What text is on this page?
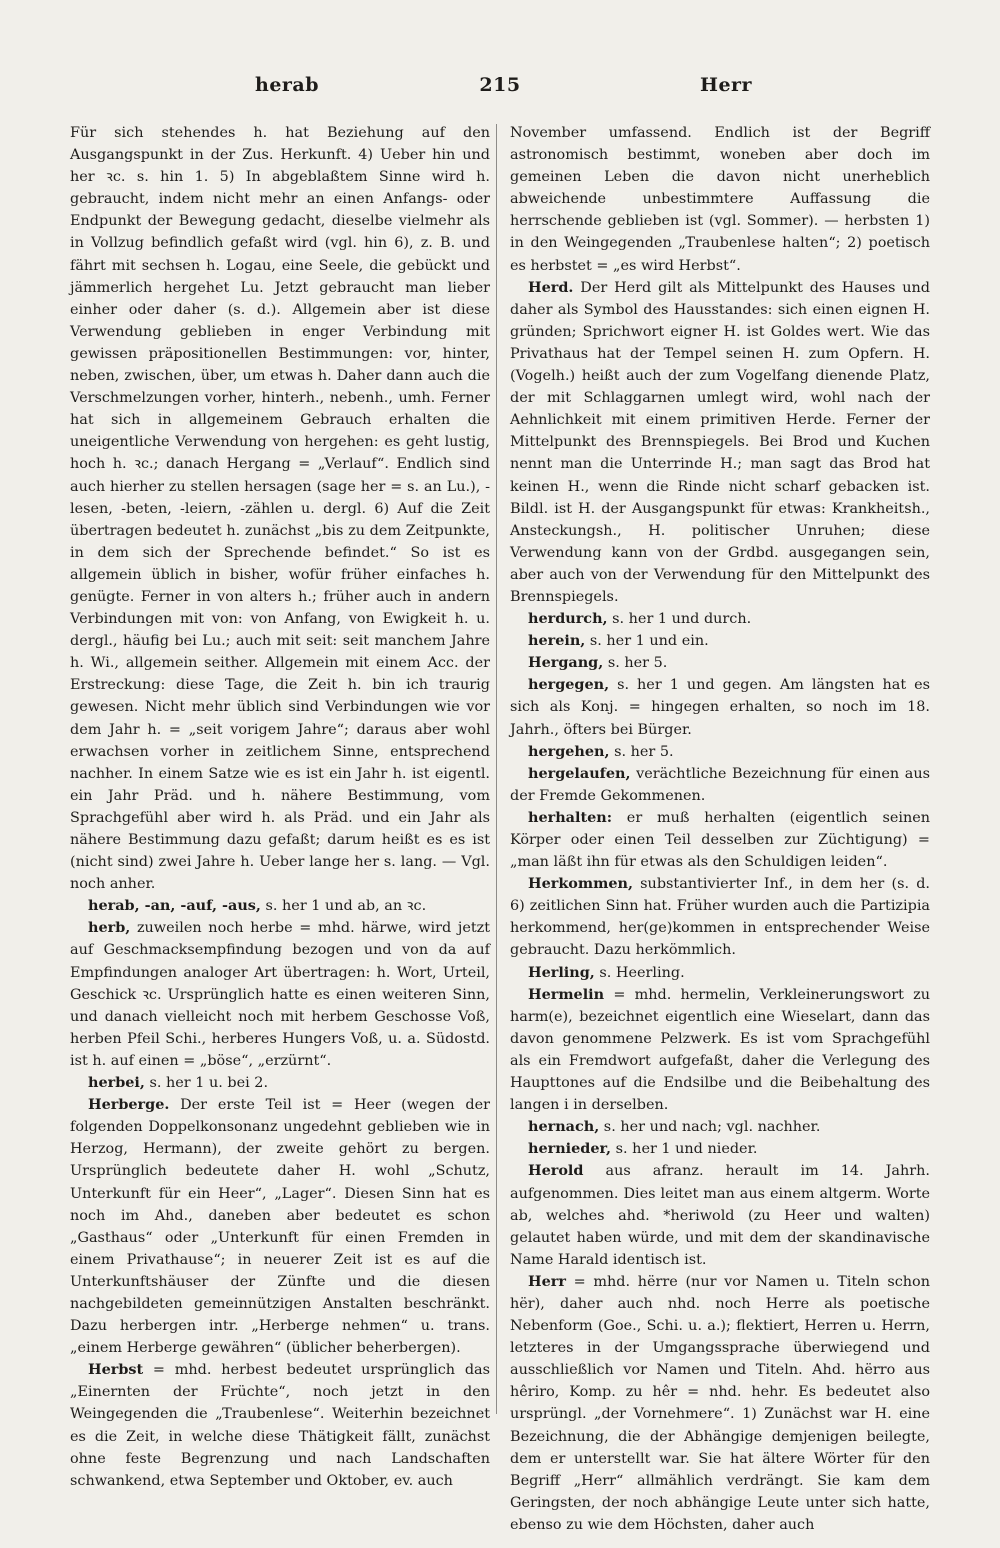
herab	215	Herr

Für sich stehendes h. hat Beziehung auf den Ausgangspunkt in der Zus. Herkunft. 4) Ueber hin und her ꝛc. s. hin 1. 5) In abgeblaßtem Sinne wird h. gebraucht, indem nicht mehr an einen Anfangs- oder Endpunkt der Bewegung gedacht, dieselbe vielmehr als in Vollzug befindlich gefaßt wird (vgl. hin 6), z. B. und fährt mit sechsen h. Logau, eine Seele, die gebückt und jämmerlich hergehet Lu. Jetzt gebraucht man lieber einher oder daher (s. d.). Allgemein aber ist diese Verwendung geblieben in enger Verbindung mit gewissen präpositionellen Bestimmungen: vor, hinter, neben, zwischen, über, um etwas h. Daher dann auch die Verschmelzungen vorher, hinterh., nebenh., umh. Ferner hat sich in allgemeinem Gebrauch erhalten die uneigentliche Verwendung von hergehen: es geht lustig, hoch h. ꝛc.; danach Hergang = „Verlauf“. Endlich sind auch hierher zu stellen hersagen (sage her = s. an Lu.), -lesen, -beten, -leiern, -zählen u. dergl. 6) Auf die Zeit übertragen bedeutet h. zunächst „bis zu dem Zeitpunkte, in dem sich der Sprechende befindet.“ So ist es allgemein üblich in bisher, wofür früher einfaches h. genügte. Ferner in von alters h.; früher auch in andern Verbindungen mit von: von Anfang, von Ewigkeit h. u. dergl., häufig bei Lu.; auch mit seit: seit manchem Jahre h. Wi., allgemein seither. Allgemein mit einem Acc. der Erstreckung: diese Tage, die Zeit h. bin ich traurig gewesen. Nicht mehr üblich sind Verbindungen wie vor dem Jahr h. = „seit vorigem Jahre“; daraus aber wohl erwachsen vorher in zeitlichem Sinne, entsprechend nachher. In einem Satze wie es ist ein Jahr h. ist eigentl. ein Jahr Präd. und h. nähere Bestimmung, vom Sprachgefühl aber wird h. als Präd. und ein Jahr als nähere Bestimmung dazu gefaßt; darum heißt es es ist (nicht sind) zwei Jahre h. Ueber lange her s. lang. — Vgl. noch anher.

herab, -an, -auf, -aus, s. her 1 und ab, an ꝛc.

herb, zuweilen noch herbe = mhd. härwe, wird jetzt auf Geschmacksempfindung bezogen und von da auf Empfindungen analoger Art übertragen: h. Wort, Urteil, Geschick ꝛc. Ursprünglich hatte es einen weiteren Sinn, und danach vielleicht noch mit herbem Geschosse Voß, herben Pfeil Schi., herberes Hungers Voß, u. a. Südostd. ist h. auf einen = „böse“, „erzürnt“.

herbei, s. her 1 u. bei 2.

Herberge. Der erste Teil ist = Heer (wegen der folgenden Doppelkonsonanz ungedehnt geblieben wie in Herzog, Hermann), der zweite gehört zu bergen. Ursprünglich bedeutete daher H. wohl „Schutz, Unterkunft für ein Heer“, „Lager“. Diesen Sinn hat es noch im Ahd., daneben aber bedeutet es schon „Gasthaus“ oder „Unterkunft für einen Fremden in einem Privathause“; in neuerer Zeit ist es auf die Unterkunftshäuser der Zünfte und die diesen nachgebildeten gemeinnützigen Anstalten beschränkt. Dazu herbergen intr. „Herberge nehmen“ u. trans. „einem Herberge gewähren“ (üblicher beherbergen).

Herbst = mhd. herbest bedeutet ursprünglich das „Einernten der Früchte“, noch jetzt in den Weingegenden die „Traubenlese“. Weiterhin bezeichnet es die Zeit, in welche diese Thätigkeit fällt, zunächst ohne feste Begrenzung und nach Landschaften schwankend, etwa September und Oktober, ev. auch

November umfassend. Endlich ist der Begriff astronomisch bestimmt, woneben aber doch im gemeinen Leben die davon nicht unerheblich abweichende unbestimmtere Auffassung die herrschende geblieben ist (vgl. Sommer). — herbsten 1) in den Weingegenden „Traubenlese halten“; 2) poetisch es herbstet = „es wird Herbst“.

Herd. Der Herd gilt als Mittelpunkt des Hauses und daher als Symbol des Hausstandes: sich einen eignen H. gründen; Sprichwort eigner H. ist Goldes wert. Wie das Privathaus hat der Tempel seinen H. zum Opfern. H. (Vogelh.) heißt auch der zum Vogelfang dienende Platz, der mit Schlaggarnen umlegt wird, wohl nach der Aehnlichkeit mit einem primitiven Herde. Ferner der Mittelpunkt des Brennspiegels. Bei Brod und Kuchen nennt man die Unterrinde H.; man sagt das Brod hat keinen H., wenn die Rinde nicht scharf gebacken ist. Bildl. ist H. der Ausgangspunkt für etwas: Krankheitsh., Ansteckungsh., H. politischer Unruhen; diese Verwendung kann von der Grdbd. ausgegangen sein, aber auch von der Verwendung für den Mittelpunkt des Brennspiegels.

herdurch, s. her 1 und durch.

herein, s. her 1 und ein.

Hergang, s. her 5.

hergegen, s. her 1 und gegen. Am längsten hat es sich als Konj. = hingegen erhalten, so noch im 18. Jahrh., öfters bei Bürger.

hergehen, s. her 5.

hergelaufen, verächtliche Bezeichnung für einen aus der Fremde Gekommenen.

herhalten: er muß herhalten (eigentlich seinen Körper oder einen Teil desselben zur Züchtigung) = „man läßt ihn für etwas als den Schuldigen leiden“.

Herkommen, substantivierter Inf., in dem her (s. d. 6) zeitlichen Sinn hat. Früher wurden auch die Partizipia herkommend, her(ge)kommen in entsprechender Weise gebraucht. Dazu herkömmlich.

Herling, s. Heerling.

Hermelin = mhd. hermelin, Verkleinerungswort zu harm(e), bezeichnet eigentlich eine Wieselart, dann das davon genommene Pelzwerk. Es ist vom Sprachgefühl als ein Fremdwort aufgefaßt, daher die Verlegung des Haupttones auf die Endsilbe und die Beibehaltung des langen i in derselben.

hernach, s. her und nach; vgl. nachher.

hernieder, s. her 1 und nieder.

Herold aus afranz. herault im 14. Jahrh. aufgenommen. Dies leitet man aus einem altgerm. Worte ab, welches ahd. *heriwold (zu Heer und walten) gelautet haben würde, und mit dem der skandinavische Name Harald identisch ist.

Herr = mhd. hërre (nur vor Namen u. Titeln schon hër), daher auch nhd. noch Herre als poetische Nebenform (Goe., Schi. u. a.); flektiert, Herren u. Herrn, letzteres in der Umgangssprache überwiegend und ausschließlich vor Namen und Titeln. Ahd. hërro aus hêriro, Komp. zu hêr = nhd. hehr. Es bedeutet also ursprüngl. „der Vornehmere“. 1) Zunächst war H. eine Bezeichnung, die der Abhängige demjenigen beilegte, dem er unterstellt war. Sie hat ältere Wörter für den Begriff „Herr“ allmählich verdrängt. Sie kam dem Geringsten, der noch abhängige Leute unter sich hatte, ebenso zu wie dem Höchsten, daher auch
